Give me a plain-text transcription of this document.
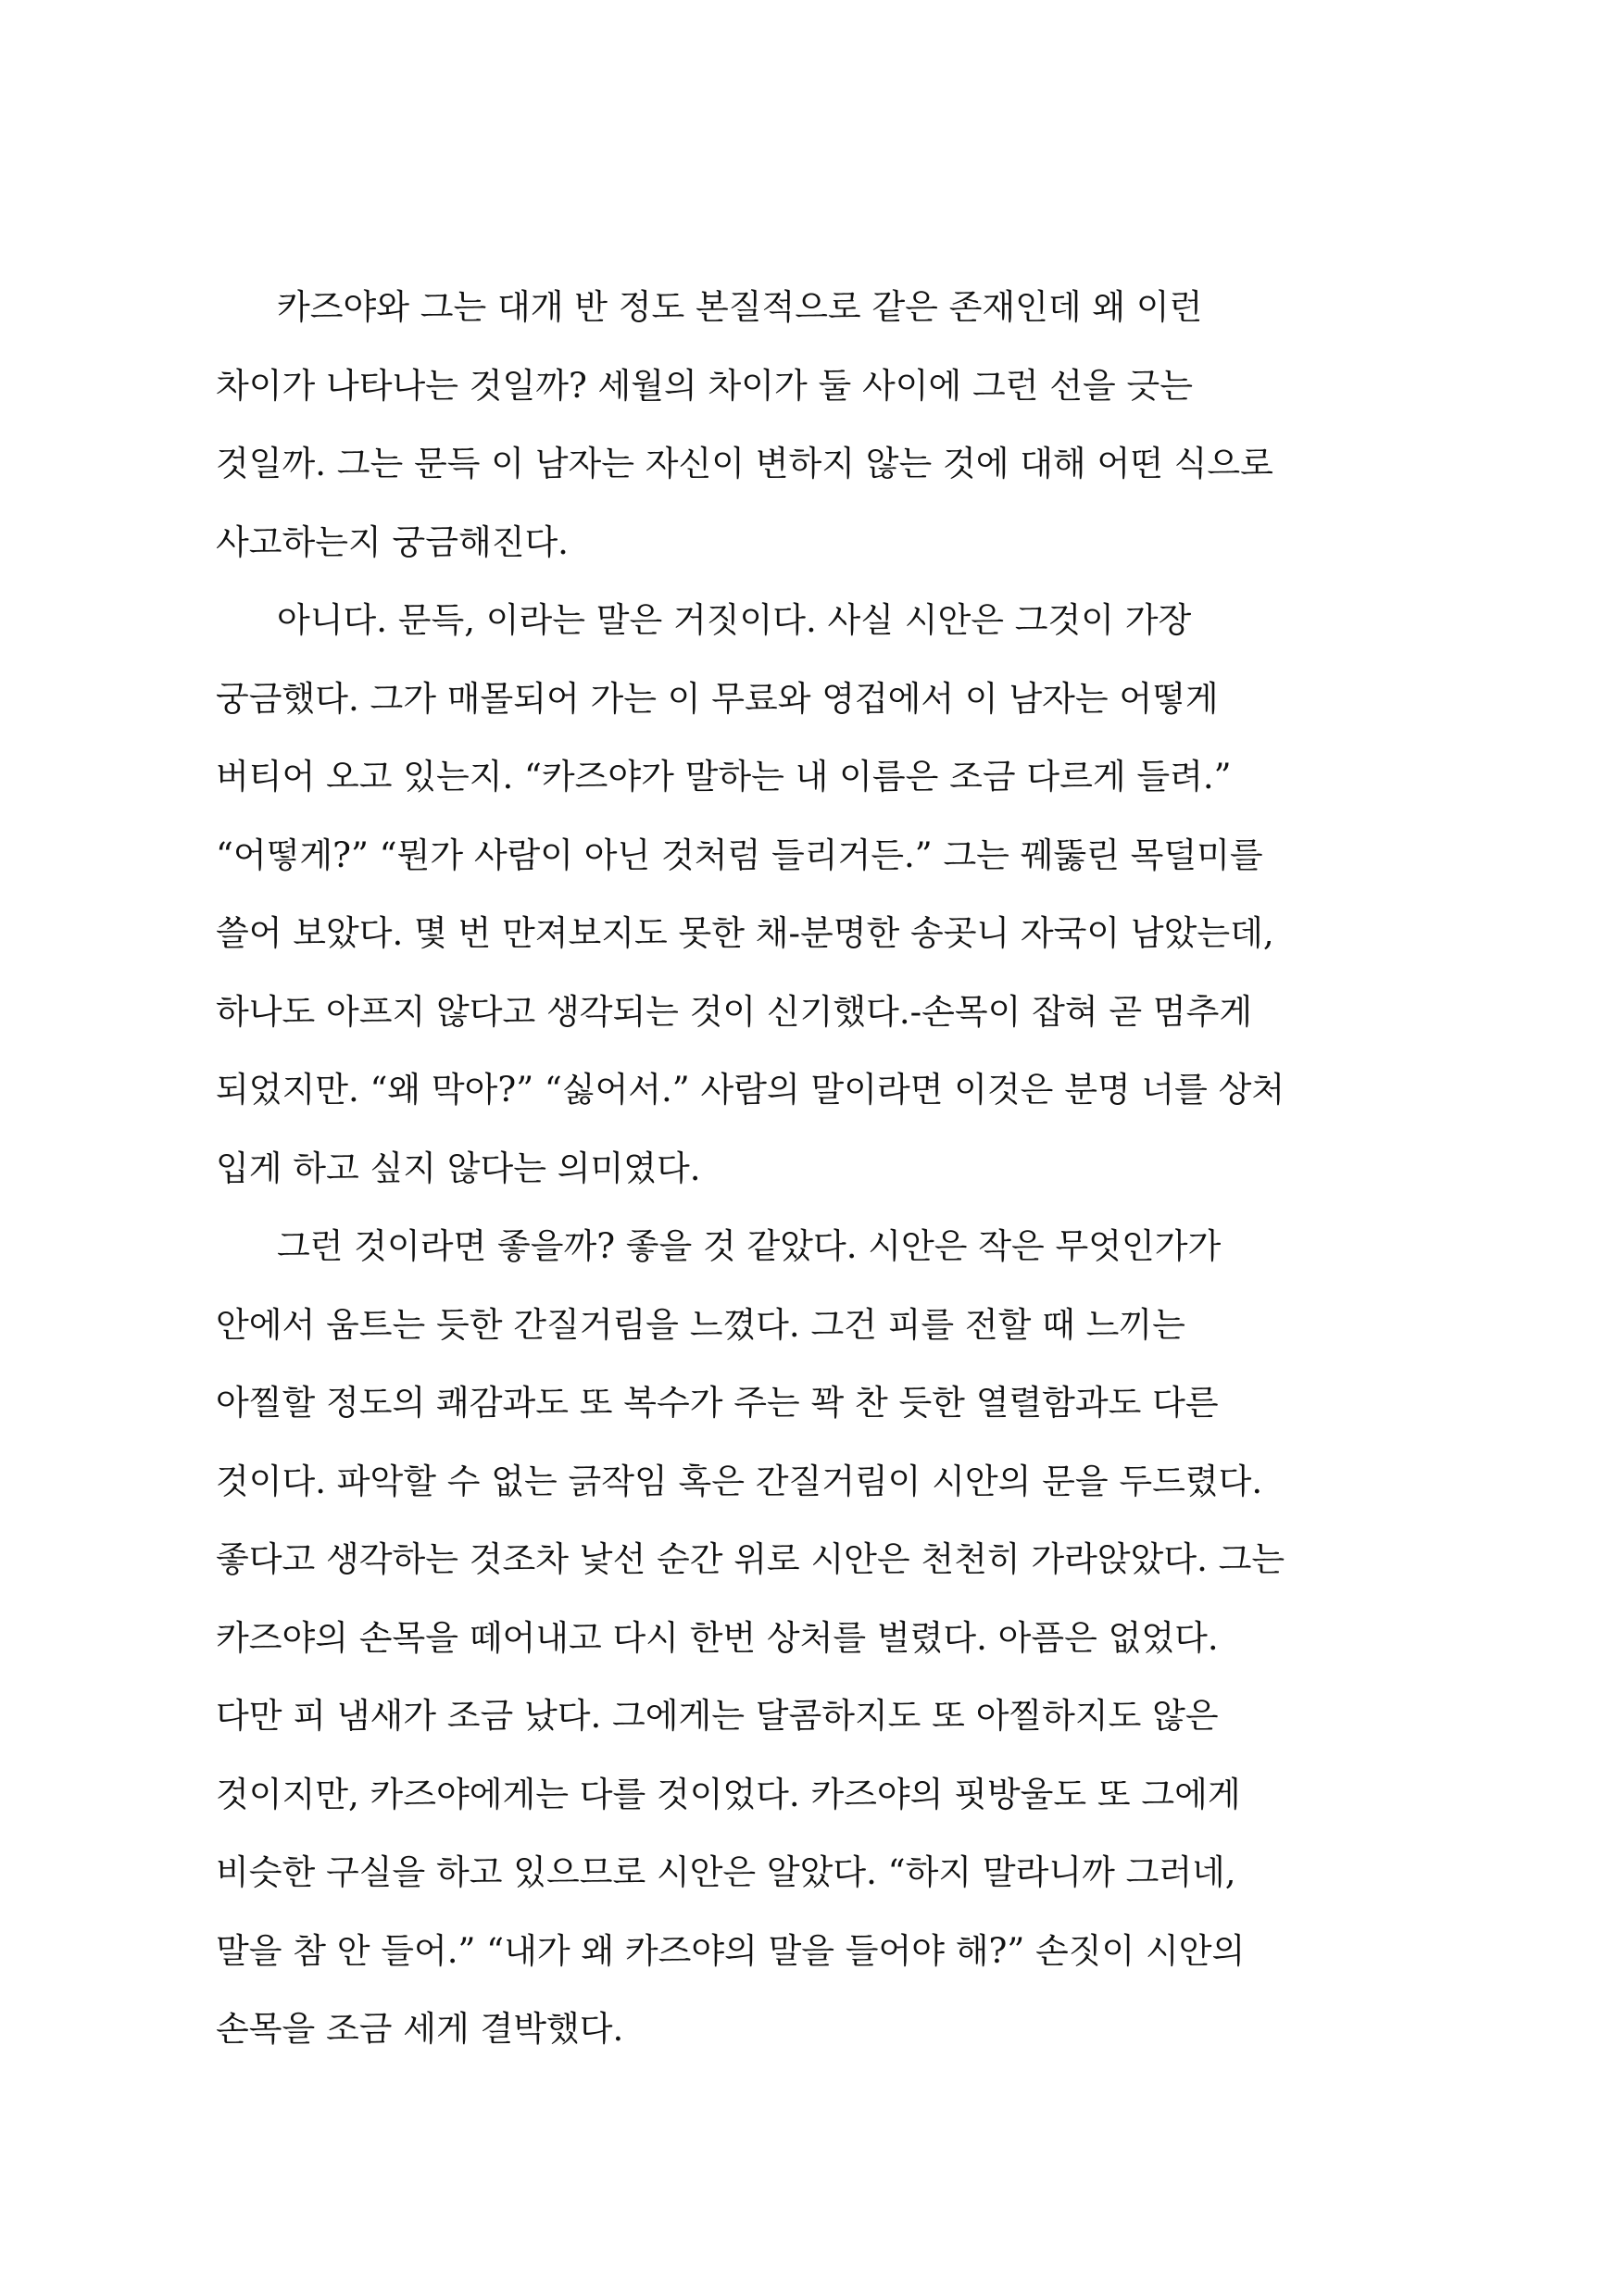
카즈야와 그는 대개 반 정도 본질적으로 같은 존재인데 왜 이런
차이가 나타나는 것일까? 세월의 차이가 둘 사이에 그런 선을 긋는
것일까. 그는 문득 이 남자는 자신이 변하지 않는 것에 대해 어떤 식으로
사고하는지 궁금해진다.
아니다. 문득, 이라는 말은 거짓이다. 사실 시안은 그것이 가장
궁금했다. 그가 매몰되어 가는 이 무료와 영겁에서 이 남자는 어떻게
버티어 오고 있는지. “카즈야가 말하는 내 이름은 조금 다르게 들려.”
“어떻게?” “뭔가 사람이 아닌 것처럼 들리거든.” 그는 꿰뚫린 목덜미를
쓸어 보았다. 몇 번 만져보지도 못한 채-분명한 송곳니 자국이 남았는데,
하나도 아프지 않다고 생각되는 것이 신기했다.-손목이 잡혀 곧 멈추게
되었지만. “왜 막아?” “싫어서.” 사람의 말이라면 이것은 분명 너를 상처
입게 하고 싶지 않다는 의미였다.
그런 것이라면 좋을까? 좋을 것 같았다. 시안은 작은 무엇인가가
안에서 움트는 듯한 간질거림을 느꼈다. 그건 피를 전할 때 느끼는
아찔할 정도의 쾌감과도 또 복수가 주는 꽉 찬 듯한 열렬함과도 다른
것이다. 파악할 수 없는 긁작임 혹은 간질거림이 시안의 문을 두드렸다.
좋다고 생각하는 것조차 낯선 순간 위로 시안은 천천히 가라앉았다. 그는
카즈야의 손목을 떼어내고 다시 한번 상처를 벌렸다. 아픔은 없었다.
다만 피 냄새가 조금 났다. 그에게는 달콤하지도 또 아찔하지도 않은
것이지만, 카즈야에게는 다를 것이었다. 카즈야의 핏방울도 또 그에게
비슷한 구실을 하고 있으므로 시안은 알았다. “하지 말라니까 그러네,
말을 참 안 들어.” “내가 왜 카즈야의 말을 들어야 해?” 손짓이 시안의
손목을 조금 세게 결박했다.
